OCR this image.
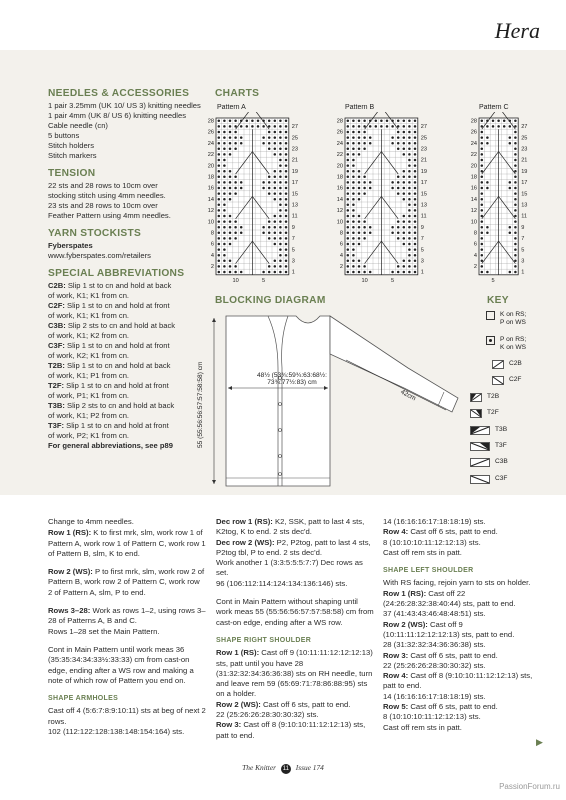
Hera
NEEDLES & ACCESSORIES
1 pair 3.25mm (UK 10/ US 3) knitting needles
1 pair 4mm (UK 8/ US 6) knitting needles
Cable needle (cn)
5 buttons
Stitch holders
Stitch markers
TENSION
22 sts and 28 rows to 10cm over
stocking stitch using 4mm needles.
23 sts and 28 rows to 10cm over
Feather Pattern using 4mm needles.
YARN STOCKISTS
Fyberspates
www.fyberspates.com/retailers
SPECIAL ABBREVIATIONS
C2B: Slip 1 st to cn and hold at back
of work, K1; K1 from cn.
C2F: Slip 1 st to cn and hold at front
of work, K1; K1 from cn.
C3B: Slip 2 sts to cn and hold at back
of work, K1; K2 from cn.
C3F: Slip 1 st to cn and hold at front
of work, K2; K1 from cn.
T2B: Slip 1 st to cn and hold at back
of work, K1; P1 from cn.
T2F: Slip 1 st to cn and hold at front
of work, P1; K1 from cn.
T3B: Slip 2 sts to cn and hold at back
of work, K1; P2 from cn.
T3F: Slip 1 st to cn and hold at front
of work, P2; K1 from cn.
For general abbreviations, see p89
CHARTS
Pattern A	Pattern B	Pattern C
28
26
24
22
20
18
16
14
12
10
8
6
4
2
27
25
23
21
19
17
15
13
11
9
7
5
3
1
10	5
28
26
24
22
20
18
16
14
12
10
8
6
4
2
27
25
23
21
19
17
15
13
11
9
7
5
3
1
10	5
28
26
24
22
20
18
16
14
12
10
8
6
4
2
27
25
23
21
19
17
15
13
11
9
7
5
3
1
5
BLOCKING DIAGRAM
48½ (53¾:59¾:63:68½:
73¾:77½:83) cm
42cm
55 (55:56:56:57:57:58:58) cm
KEY
K on RS;
P on WS
P on RS;
K on WS
C2B
C2F
T2B
T2F
T3B
T3F
C3B
C3F

Change to 4mm needles.

Row 1 (RS): K to first mrk, slm, work row 1 of Pattern A, work row 1 of Pattern C, work row 1 of Pattern B, slm, K to end.

Row 2 (WS): P to first mrk, slm, work row 2 of Pattern B, work row 2 of Pattern C, work row 2 of Pattern A, slm, P to end.

Rows 3–28: Work as rows 1–2, using rows 3–28 of Patterns A, B and C.

Rows 1–28 set the Main Pattern.

Cont in Main Pattern until work meas 36 (35:35:34:34:33½:33:33) cm from cast-on edge, ending after a WS row and making a note of which row of Pattern you end on.

SHAPE ARMHOLES

Cast off 4 (5:6:7:8:9:10:11) sts at beg of next 2 rows.

102 (112:122:128:138:148:154:164) sts.

Dec row 1 (RS): K2, SSK, patt to last 4 sts, K2tog, K to end. 2 sts dec'd.

Dec row 2 (WS): P2, P2tog, patt to last 4 sts, P2tog tbl, P to end. 2 sts dec'd.

Work another 1 (3:3:5:5:5:7:7) Dec rows as set.

96 (106:112:114:124:134:136:146) sts.

Cont in Main Pattern without shaping until work meas 55 (55:56:56:57:57:58:58) cm from cast-on edge, ending after a WS row.

SHAPE RIGHT SHOULDER

Row 1 (RS): Cast off 9 (10:11:11:12:12:12:13) sts, patt until you have 28 (31:32:32:34:36:36:38) sts on RH needle, turn and leave rem 59 (65:69:71:78:86:88:95) sts on a holder.

Row 2 (WS): Cast off 6 sts, patt to end.

22 (25:26:26:28:30:30:32) sts.

Row 3: Cast off 8 (9:10:10:11:12:12:13) sts, patt to end.

14 (16:16:16:17:18:18:19) sts.

Row 4: Cast off 6 sts, patt to end.

8 (10:10:10:11:12:12:13) sts.

Cast off rem sts in patt.

SHAPE LEFT SHOULDER

With RS facing, rejoin yarn to sts on holder.

Row 1 (RS): Cast off 22 (24:26:28:32:38:40:44) sts, patt to end.

37 (41:43:43:46:48:48:51) sts.

Row 2 (WS): Cast off 9 (10:11:11:12:12:12:13) sts, patt to end.

28 (31:32:32:34:36:36:38) sts.

Row 3: Cast off 6 sts, patt to end.

22 (25:26:26:28:30:30:32) sts.

Row 4: Cast off 8 (9:10:10:11:12:12:13) sts, patt to end.

14 (16:16:16:17:18:18:19) sts.

Row 5: Cast off 6 sts, patt to end.

8 (10:10:10:11:12:12:13) sts.

Cast off rem sts in patt.

▶
The Knitter 11 Issue 174
PassionForum.ru
